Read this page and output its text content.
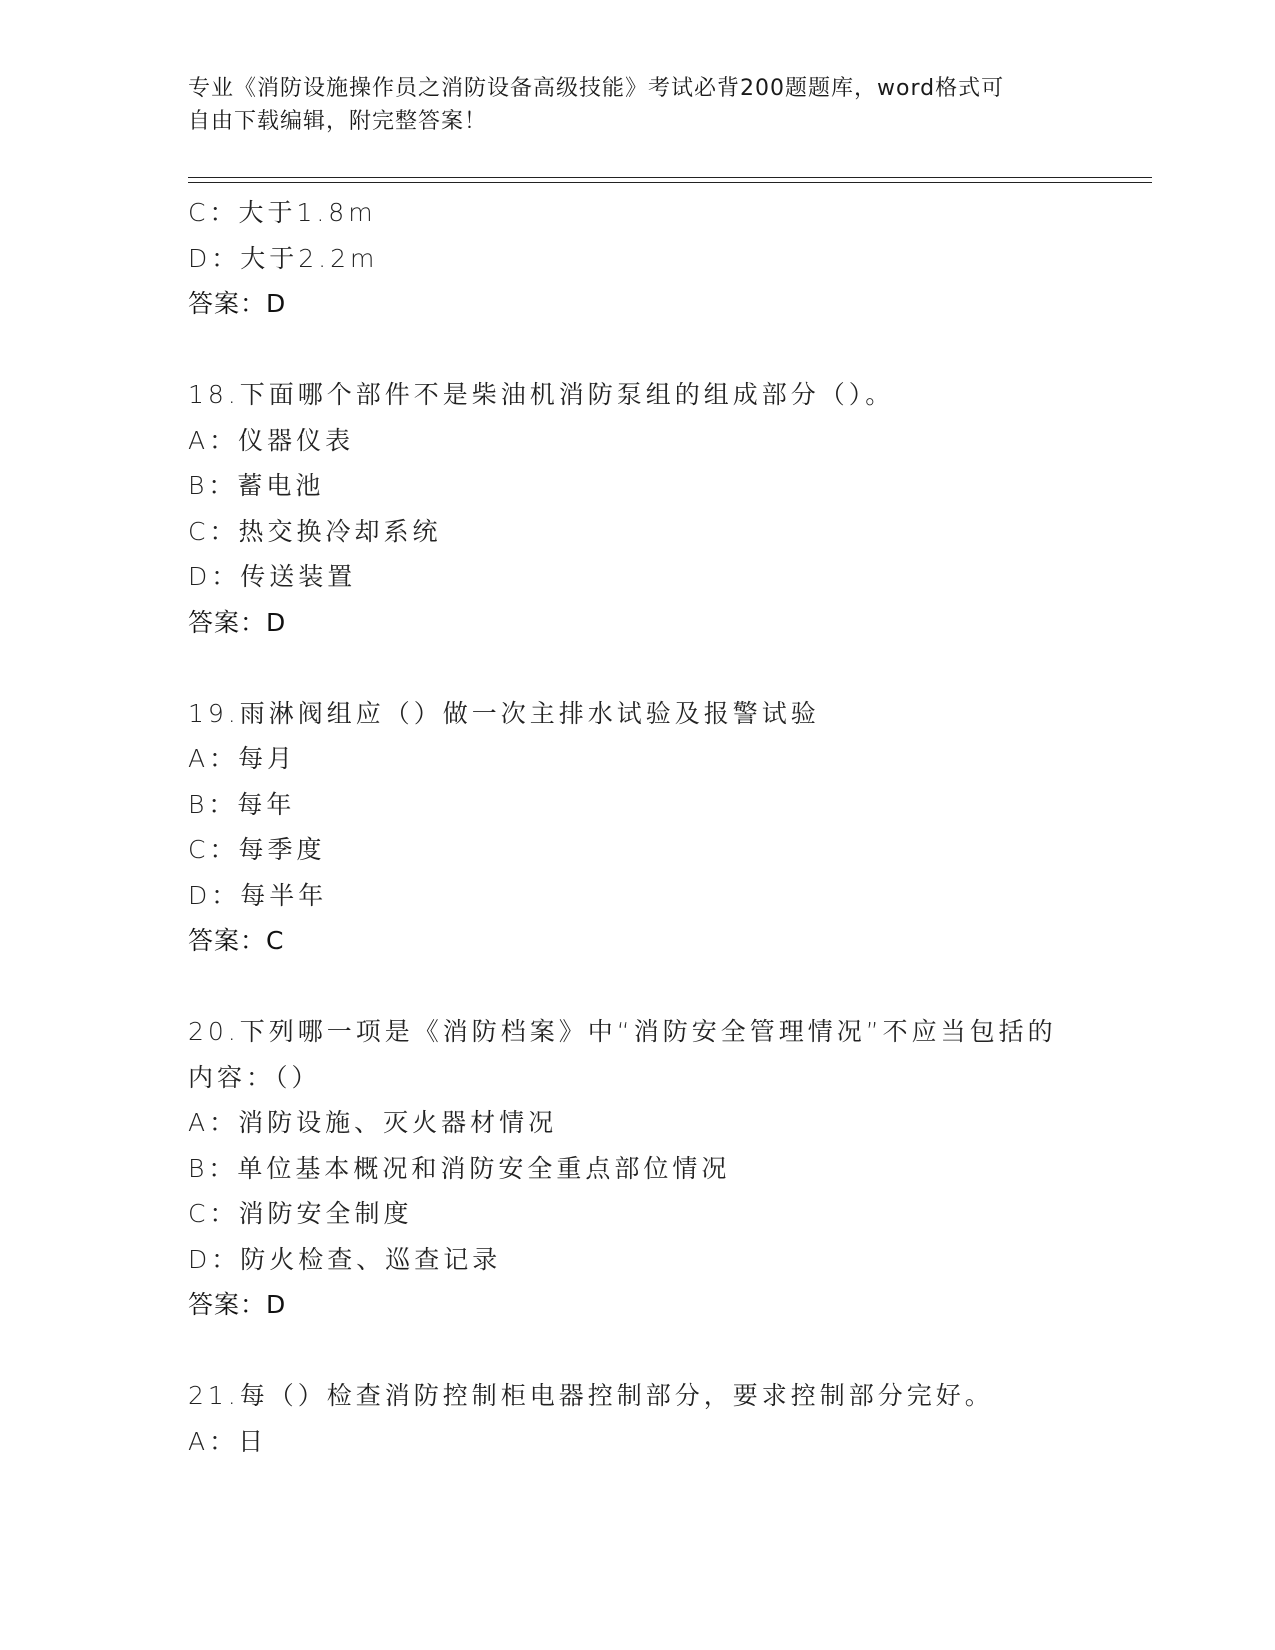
专业《消防设施操作员之消防设备高级技能》考试必背200题题库，word格式可
自由下载编辑，附完整答案！
C：大于1.8m
D：大于2.2m
答案：D
18.下面哪个部件不是柴油机消防泵组的组成部分（）。
A：仪器仪表
B：蓄电池
C：热交换冷却系统
D：传送装置
答案：D
19.雨淋阀组应（）做一次主排水试验及报警试验
A：每月
B：每年
C：每季度
D：每半年
答案：C
20.下列哪一项是《消防档案》中“消防安全管理情况”不应当包括的
内容：（）
A：消防设施、灭火器材情况
B：单位基本概况和消防安全重点部位情况
C：消防安全制度
D：防火检查、巡查记录
答案：D
21.每（）检查消防控制柜电器控制部分，要求控制部分完好。
A：日
